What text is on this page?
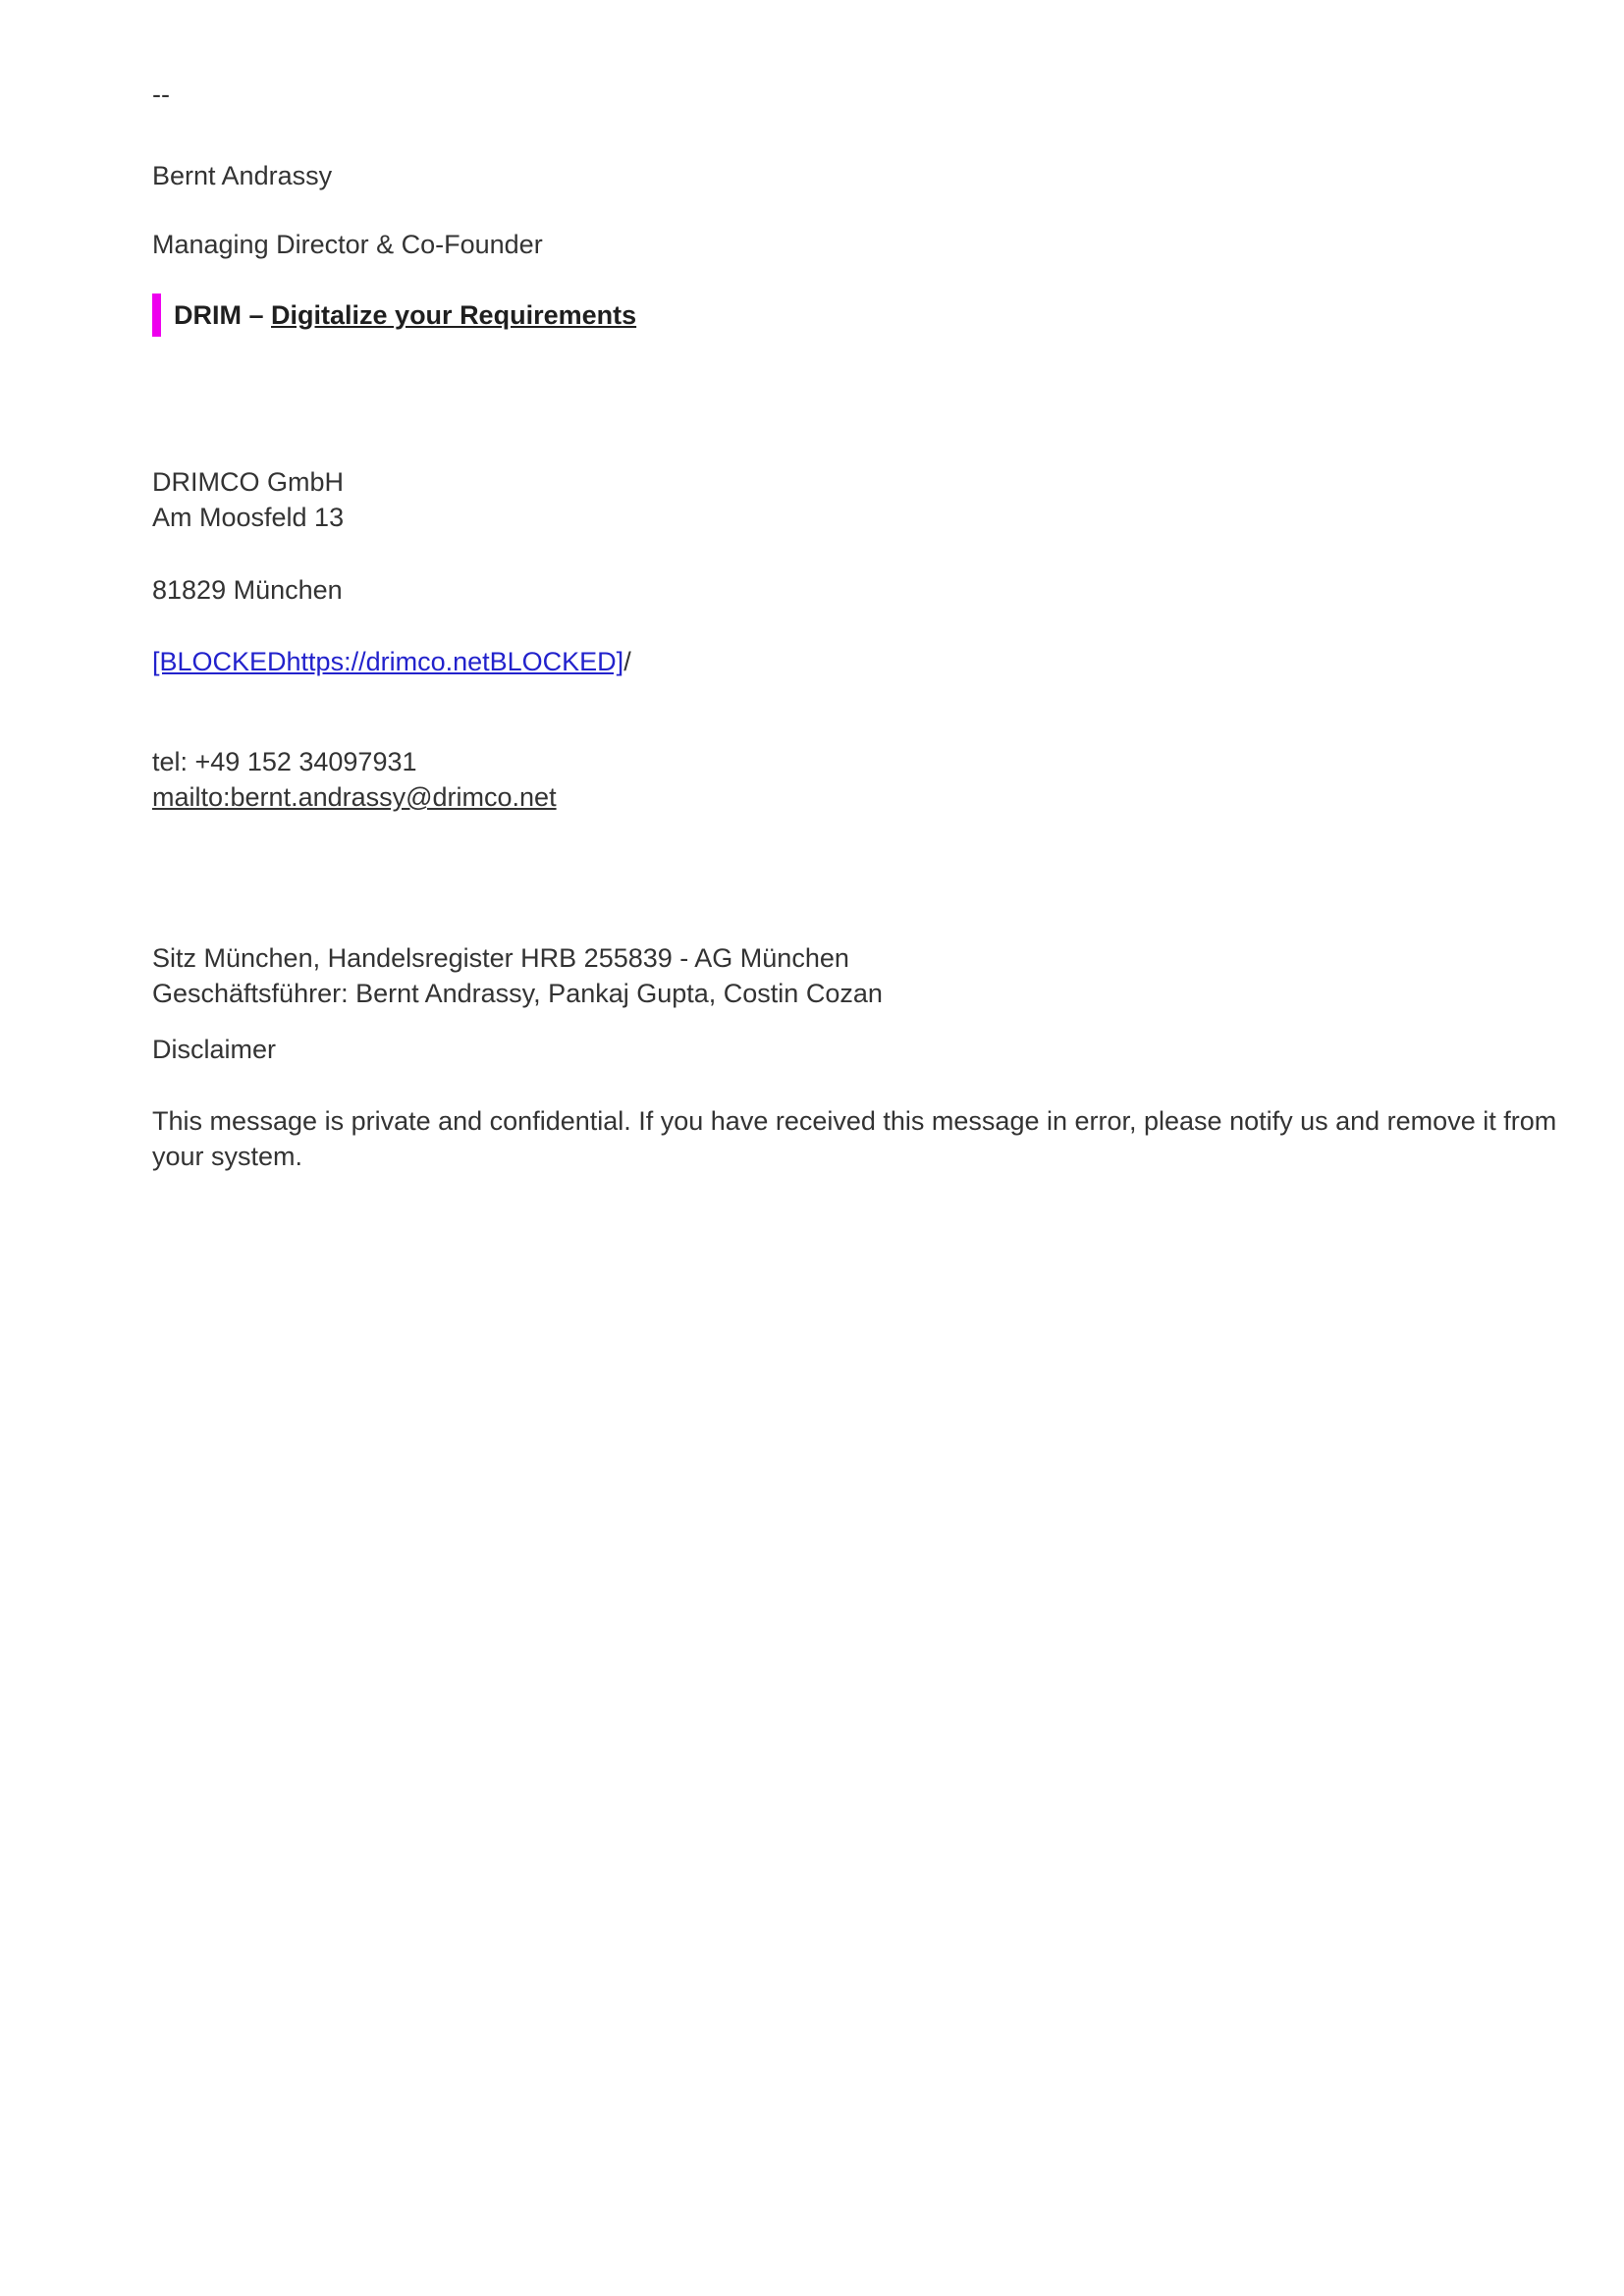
--

Bernt Andrassy

Managing Director & Co-Founder

DRIM – Digitalize your Requirements

DRIMCO GmbH
Am Moosfeld 13

81829 München

[BLOCKEDhttps://drimco.netBLOCKED]/

tel: +49 152 34097931
mailto:bernt.andrassy@drimco.net

Sitz München, Handelsregister HRB 255839 - AG München
Geschäftsführer: Bernt Andrassy, Pankaj Gupta, Costin Cozan

Disclaimer

This message is private and confidential. If you have received this message in error, please notify us and remove it from your system.
